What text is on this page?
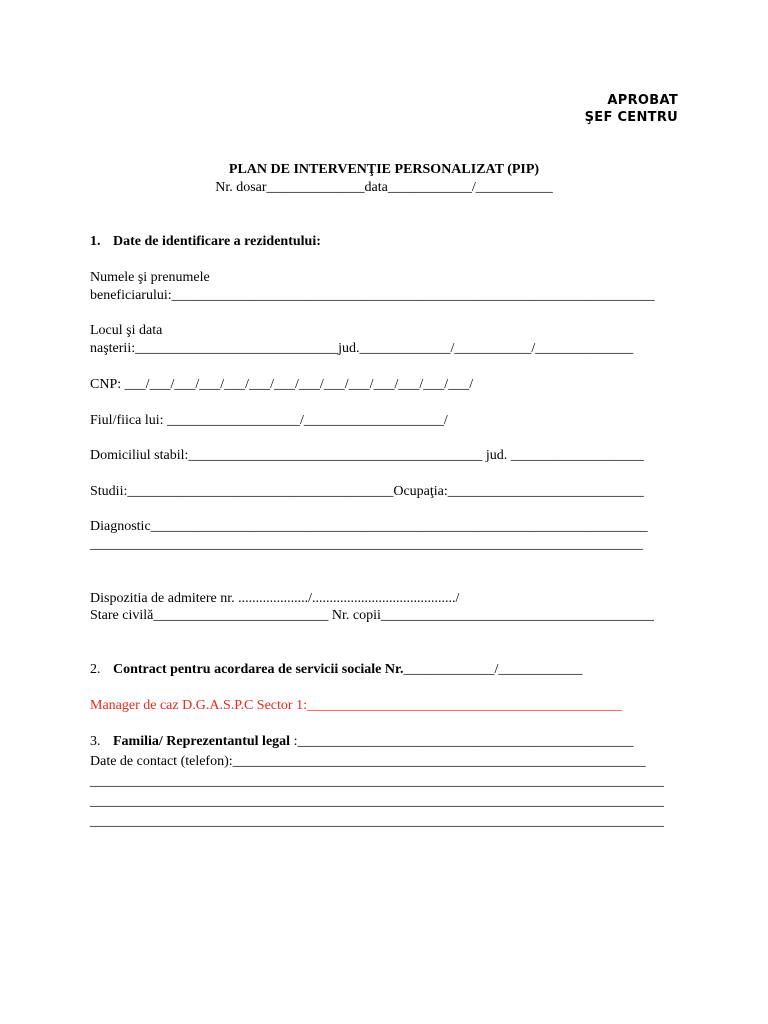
APROBAT
ŞEF CENTRU
PLAN DE INTERVENŢIE PERSONALIZAT (PIP)
Nr. dosar______________data____________/___________
1. Date de identificare a rezidentului:
Numele şi prenumele
beneficiarului:_____________________________________________________________________
Locul şi data
naşterii:_____________________________jud._____________/___________/______________
CNP: ___/___/___/___/___/___/___/___/___/___/___/___/___/___/
Fiul/fiica lui: ___________________/____________________/
Domiciliul stabil:__________________________________________ jud. ___________________
Studii:______________________________________Ocupaţia:____________________________
Diagnostic_______________________________________________________________________
_______________________________________________________________________________
Dispozitia de admitere nr. ..................../........................................./
Stare civilă_________________________ Nr. copii_______________________________________
2. Contract pentru acordarea de servicii sociale Nr._____________/____________
Manager de caz D.G.A.S.P.C Sector 1:_____________________________________________
3. Familia/ Reprezentantul legal :________________________________________________
Date de contact (telefon):___________________________________________________________
__________________________________________________________________________________
__________________________________________________________________________________
__________________________________________________________________________________
